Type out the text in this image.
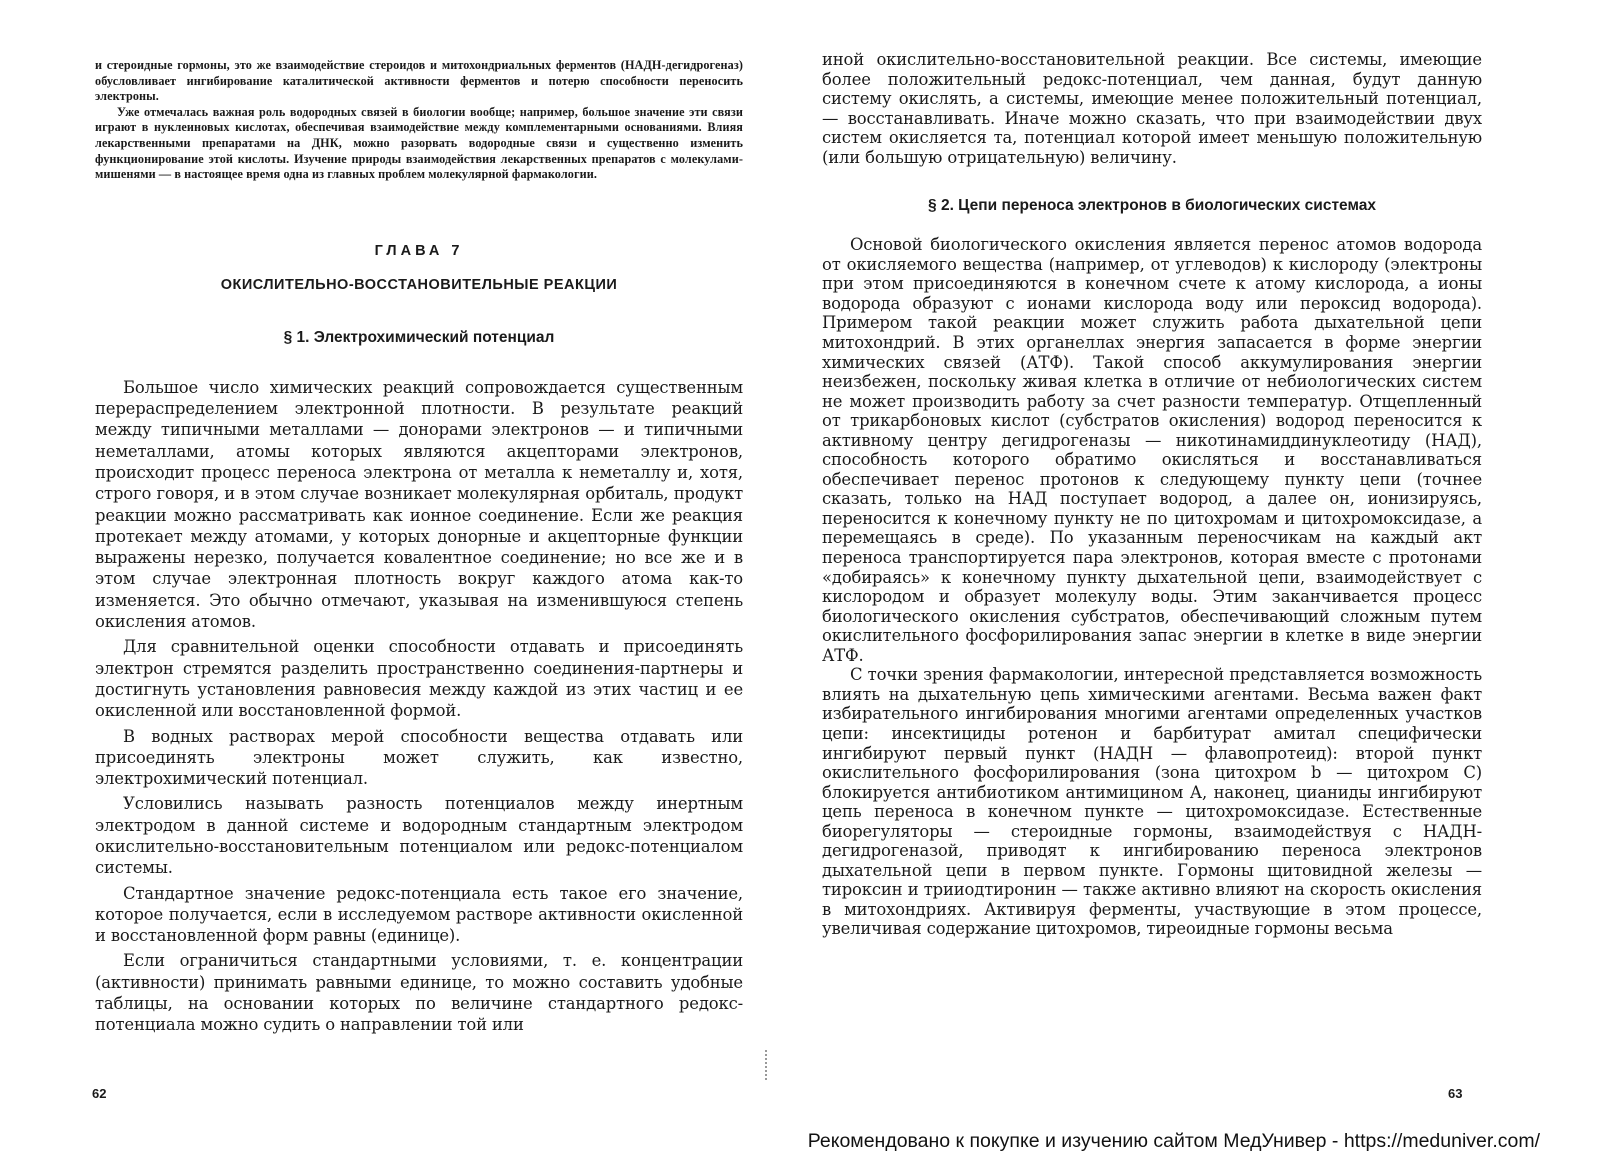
и стероидные гормоны, это же взаимодействие стероидов и митохондриальных ферментов (НАДН-дегидрогеназ) обусловливает ингибирование каталитической активности ферментов и потерю способности переносить электроны.

Уже отмечалась важная роль водородных связей в биологии вообще; например, большое значение эти связи играют в нуклеиновых кислотах, обеспечивая взаимодействие между комплементарными основаниями. Влияя лекарственными препаратами на ДНК, можно разорвать водородные связи и существенно изменить функционирование этой кислоты. Изучение природы взаимодействия лекарственных препаратов с молекулами-мишенями — в настоящее время одна из главных проблем молекулярной фармакологии.

ГЛАВА 7
ОКИСЛИТЕЛЬНО-ВОССТАНОВИТЕЛЬНЫЕ РЕАКЦИИ
§ 1. Электрохимический потенциал

Большое число химических реакций сопровождается существенным перераспределением электронной плотности. В результате реакций между типичными металлами — донорами электронов — и типичными неметаллами, атомы которых являются акцепторами электронов, происходит процесс переноса электрона от металла к неметаллу и, хотя, строго говоря, и в этом случае возникает молекулярная орбиталь, продукт реакции можно рассматривать как ионное соединение. Если же реакция протекает между атомами, у которых донорные и акцепторные функции выражены нерезко, получается ковалентное соединение; но все же и в этом случае электронная плотность вокруг каждого атома как-то изменяется. Это обычно отмечают, указывая на изменившуюся степень окисления атомов.

Для сравнительной оценки способности отдавать и присоединять электрон стремятся разделить пространственно соединения-партнеры и достигнуть установления равновесия между каждой из этих частиц и ее окисленной или восстановленной формой.

В водных растворах мерой способности вещества отдавать или присоединять электроны может служить, как известно, электрохимический потенциал.

Условились называть разность потенциалов между инертным электродом в данной системе и водородным стандартным электродом окислительно-восстановительным потенциалом или редокс-потенциалом системы.

Стандартное значение редокс-потенциала есть такое его значение, которое получается, если в исследуемом растворе активности окисленной и восстановленной форм равны (единице).

Если ограничиться стандартными условиями, т. е. концентрации (активности) принимать равными единице, то можно составить удобные таблицы, на основании которых по величине стандартного редокс-потенциала можно судить о направлении той или

62

иной окислительно-восстановительной реакции. Все системы, имеющие более положительный редокс-потенциал, чем данная, будут данную систему окислять, а системы, имеющие менее положительный потенциал, — восстанавливать. Иначе можно сказать, что при взаимодействии двух систем окисляется та, потенциал которой имеет меньшую положительную (или большую отрицательную) величину.

§ 2. Цепи переноса электронов в биологических системах

Основой биологического окисления является перенос атомов водорода от окисляемого вещества (например, от углеводов) к кислороду (электроны при этом присоединяются в конечном счете к атому кислорода, а ионы водорода образуют с ионами кислорода воду или пероксид водорода). Примером такой реакции может служить работа дыхательной цепи митохондрий. В этих органеллах энергия запасается в форме энергии химических связей (АТФ). Такой способ аккумулирования энергии неизбежен, поскольку живая клетка в отличие от небиологических систем не может производить работу за счет разности температур. Отщепленный от трикарбоновых кислот (субстратов окисления) водород переносится к активному центру дегидрогеназы — никотинамиддинуклеотиду (НАД), способность которого обратимо окисляться и восстанавливаться обеспечивает перенос протонов к следующему пункту цепи (точнее сказать, только на НАД поступает водород, а далее он, ионизируясь, переносится к конечному пункту не по цитохромам и цитохромоксидазе, а перемещаясь в среде). По указанным переносчикам на каждый акт переноса транспортируется пара электронов, которая вместе с протонами «добираясь» к конечному пункту дыхательной цепи, взаимодействует с кислородом и образует молекулу воды. Этим заканчивается процесс биологического окисления субстратов, обеспечивающий сложным путем окислительного фосфорилирования запас энергии в клетке в виде энергии АТФ.

С точки зрения фармакологии, интересной представляется возможность влиять на дыхательную цепь химическими агентами. Весьма важен факт избирательного ингибирования многими агентами определенных участков цепи: инсектициды ротенон и барбитурат амитал специфически ингибируют первый пункт (НАДН — флавопротеид): второй пункт окислительного фосфорилирования (зона цитохром b — цитохром С) блокируется антибиотиком антимицином А, наконец, цианиды ингибируют цепь переноса в конечном пункте — цитохромоксидазе. Естественные биорегуляторы — стероидные гормоны, взаимодействуя с НАДН-дегидрогеназой, приводят к ингибированию переноса электронов дыхательной цепи в первом пункте. Гормоны щитовидной железы — тироксин и трииодтиронин — также активно влияют на скорость окисления в митохондриях. Активируя ферменты, участвующие в этом процессе, увеличивая содержание цитохромов, тиреоидные гормоны весьма

63
Рекомендовано к покупке и изучению сайтом МедУнивер - https://meduniver.com/
